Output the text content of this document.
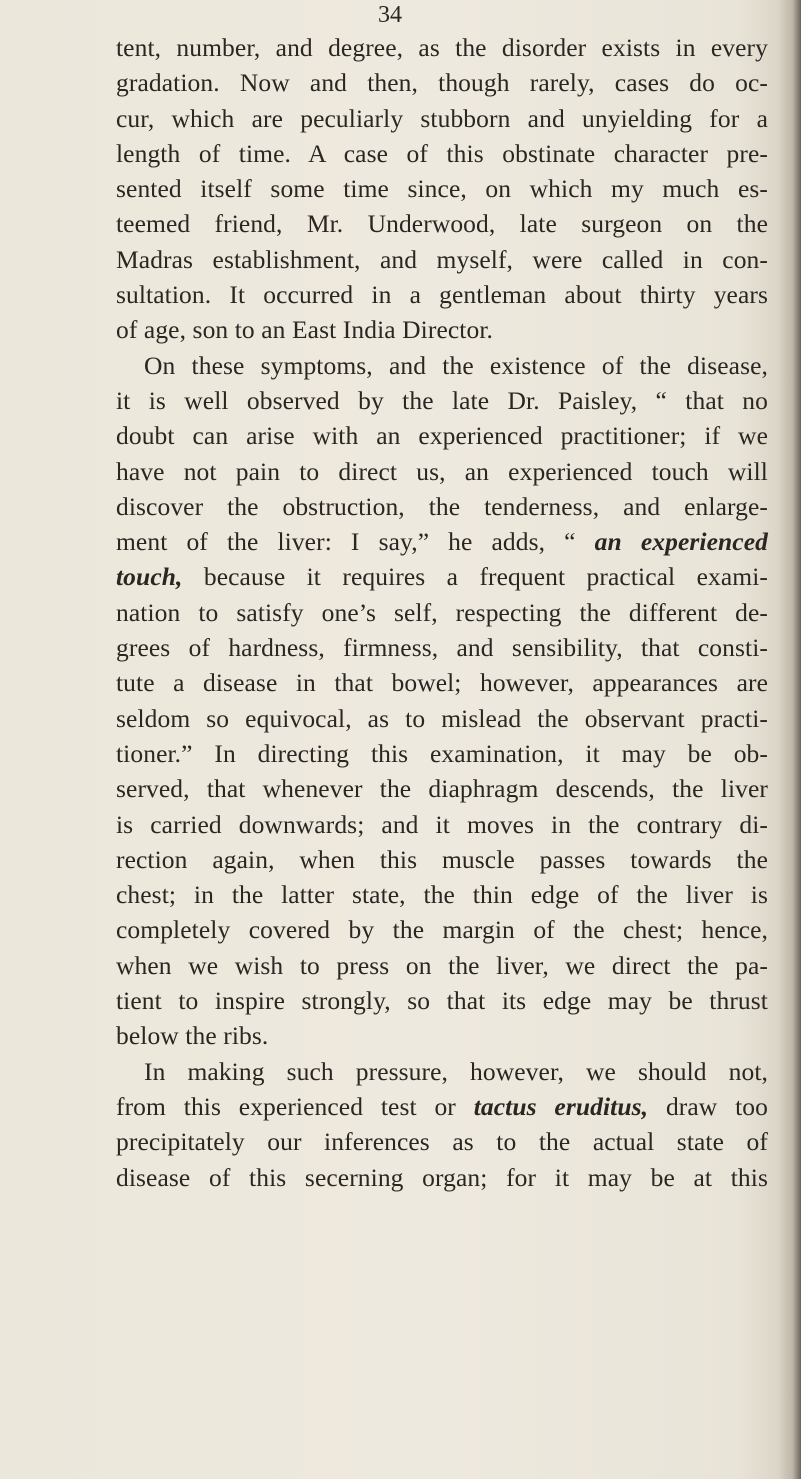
34
tent, number, and degree, as the disorder exists in every
gradation. Now and then, though rarely, cases do oc-
cur, which are peculiarly stubborn and unyielding for a
length of time. A case of this obstinate character pre-
sented itself some time since, on which my much es-
teemed friend, Mr. Underwood, late surgeon on the
Madras establishment, and myself, were called in con-
sultation. It occurred in a gentleman about thirty years
of age, son to an East India Director.
On these symptoms, and the existence of the disease,
it is well observed by the late Dr. Paisley, “ that no
doubt can arise with an experienced practitioner; if we
have not pain to direct us, an experienced touch will
discover the obstruction, the tenderness, and enlarge-
ment of the liver: I say,” he adds, “ an experienced
touch, because it requires a frequent practical exami-
nation to satisfy one’s self, respecting the different de-
grees of hardness, firmness, and sensibility, that consti-
tute a disease in that bowel; however, appearances are
seldom so equivocal, as to mislead the observant practi-
tioner.” In directing this examination, it may be ob-
served, that whenever the diaphragm descends, the liver
is carried downwards; and it moves in the contrary di-
rection again, when this muscle passes towards the
chest; in the latter state, the thin edge of the liver is
completely covered by the margin of the chest; hence,
when we wish to press on the liver, we direct the pa-
tient to inspire strongly, so that its edge may be thrust
below the ribs.
In making such pressure, however, we should not,
from this experienced test or tactus eruditus, draw too
precipitately our inferences as to the actual state of
disease of this secerning organ; for it may be at this
